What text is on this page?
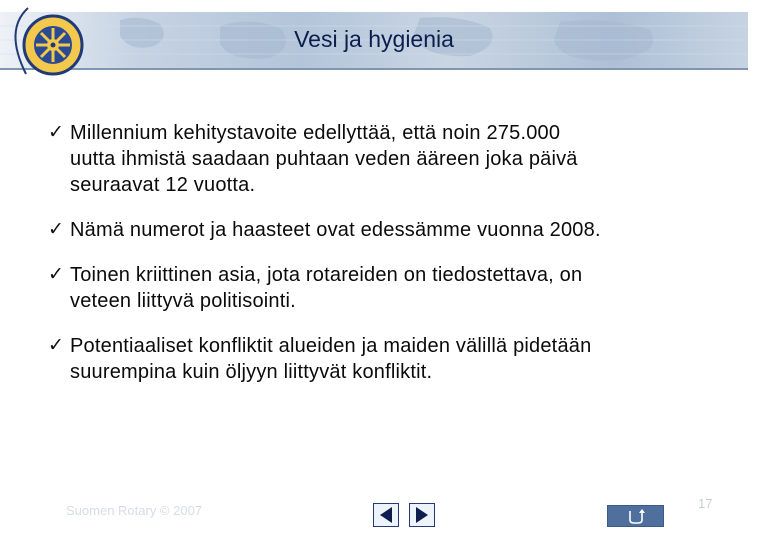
Vesi ja hygienia
✓ Millennium kehitystavoite edellyttää, että noin 275.000
uutta ihmistä saadaan puhtaan veden ääreen joka päivä
seuraavat 12 vuotta.
✓ Nämä numerot ja haasteet ovat edessämme vuonna 2008.
✓ Toinen kriittinen asia, jota rotareiden on tiedostettava, on
veteen liittyvä politisointi.
✓ Potentiaaliset konfliktit alueiden ja maiden välillä pidetään
suurempina kuin öljyyn liittyvät konfliktit.
Suomen Rotary © 2007	17
